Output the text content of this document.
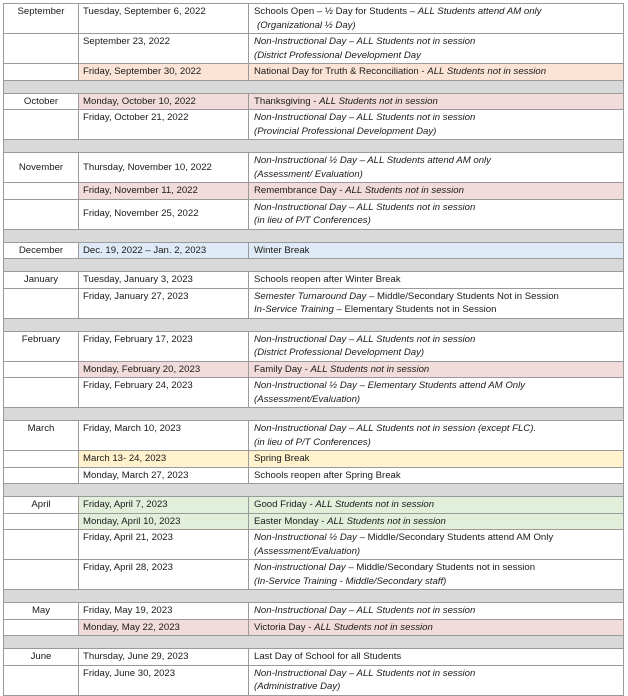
September	Tuesday, September 6, 2022	Schools Open – ½ Day for Students – ALL Students attend AM only
(Organizational ½ Day)

	September 23, 2022	Non-Instructional Day – ALL Students not in session
(District Professional Development Day

	Friday, September 30, 2022	National Day for Truth & Reconciliation - ALL Students not in session

October	Monday, October 10, 2022	Thanksgiving - ALL Students not in session

	Friday, October 21, 2022	Non-Instructional Day – ALL Students not in session
(Provincial Professional Development Day)

November	Thursday, November 10, 2022	Non-Instructional ½ Day – ALL Students attend AM only
(Assessment/ Evaluation)

	Friday, November 11, 2022	Remembrance Day - ALL Students not in session

	Friday, November 25, 2022	Non-Instructional Day – ALL Students not in session
(in lieu of P/T Conferences)

December	Dec. 19, 2022 – Jan. 2, 2023	Winter Break

January	Tuesday, January 3, 2023	Schools reopen after Winter Break

	Friday, January 27, 2023	Semester Turnaround Day – Middle/Secondary Students Not in Session
In-Service Training – Elementary Students not in Session

February	Friday, February 17, 2023	Non-Instructional Day – ALL Students not in session
(District Professional Development Day)

	Monday, February 20, 2023	Family Day - ALL Students not in session

	Friday, February 24, 2023	Non-Instructional ½ Day – Elementary Students attend AM Only
(Assessment/Evaluation)

March	Friday, March 10, 2023	Non-Instructional Day – ALL Students not in session (except FLC).
(in lieu of P/T Conferences)

	March 13- 24, 2023	Spring Break

	Monday, March 27, 2023	Schools reopen after Spring Break

April	Friday, April 7, 2023	Good Friday - ALL Students not in session

	Monday, April 10, 2023	Easter Monday - ALL Students not in session

	Friday, April 21, 2023	Non-Instructional ½ Day – Middle/Secondary Students attend AM Only
(Assessment/Evaluation)

	Friday, April 28, 2023	Non-instructional Day – Middle/Secondary Students not in session
(In-Service Training - Middle/Secondary staff)

May	Friday, May 19, 2023	Non-Instructional Day – ALL Students not in session

	Monday, May 22, 2023	Victoria Day - ALL Students not in session

June	Thursday, June 29, 2023	Last Day of School for all Students

	Friday, June 30, 2023	Non-Instructional Day – ALL Students not in session
(Administrative Day)
